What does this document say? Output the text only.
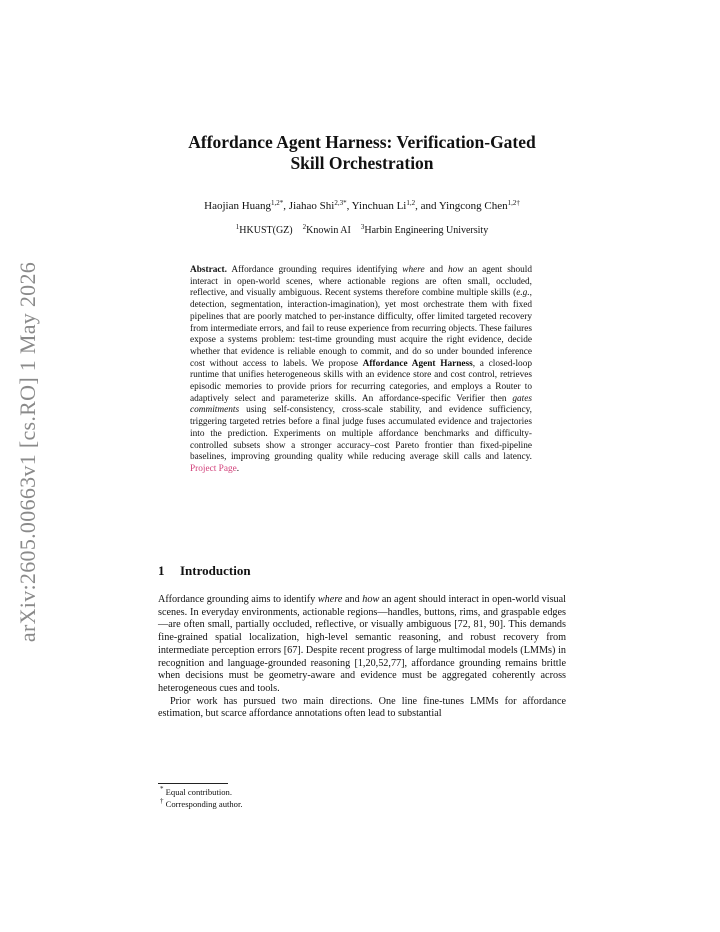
arXiv:2605.00663v1 [cs.RO] 1 May 2026
Affordance Agent Harness: Verification-Gated
Skill Orchestration
Haojian Huang$^{1,2*}$, Jiahao Shi$^{2,3*}$, Yinchuan Li$^{1,2}$, and Yingcong Chen$^{1,2\dagger}$
$^1$HKUST(GZ) $^2$Knowin AI $^3$Harbin Engineering University
Abstract. Affordance grounding requires identifying where and how an agent should interact in open-world scenes, where actionable regions are often small, occluded, reflective, and visually ambiguous. Recent systems therefore combine multiple skills (e.g., detection, segmentation, interaction-imagination), yet most orchestrate them with fixed pipelines that are poorly matched to per-instance difficulty, offer limited targeted recovery from intermediate errors, and fail to reuse experience from recurring objects. These failures expose a systems problem: test-time grounding must acquire the right evidence, decide whether that evidence is reliable enough to commit, and do so under bounded inference cost without access to labels. We propose Affordance Agent Harness, a closed-loop runtime that unifies heterogeneous skills with an evidence store and cost control, retrieves episodic memories to provide priors for recurring categories, and employs a Router to adaptively select and parameterize skills. An affordance-specific Verifier then gates commitments using self-consistency, cross-scale stability, and evidence sufficiency, triggering targeted retries before a final judge fuses accumulated evidence and trajectories into the prediction. Experiments on multiple affordance benchmarks and difficulty-controlled subsets show a stronger accuracy–cost Pareto frontier than fixed-pipeline baselines, improving grounding quality while reducing average skill calls and latency. Project Page.
1 Introduction

Affordance grounding aims to identify where and how an agent should interact in open-world visual scenes. In everyday environments, actionable regions—handles, buttons, rims, and graspable edges—are often small, partially occluded, reflective, or visually ambiguous [72, 81, 90]. This demands fine-grained spatial localization, high-level semantic reasoning, and robust recovery from intermediate perception errors [67]. Despite recent progress of large multimodal models (LMMs) in recognition and language-grounded reasoning [1,20,52,77], affordance grounding remains brittle when decisions must be geometry-aware and evidence must be aggregated coherently across heterogeneous cues and tools.

Prior work has pursued two main directions. One line fine-tunes LMMs for affordance estimation, but scarce affordance annotations often lead to substantial

* Equal contribution.
† Corresponding author.
